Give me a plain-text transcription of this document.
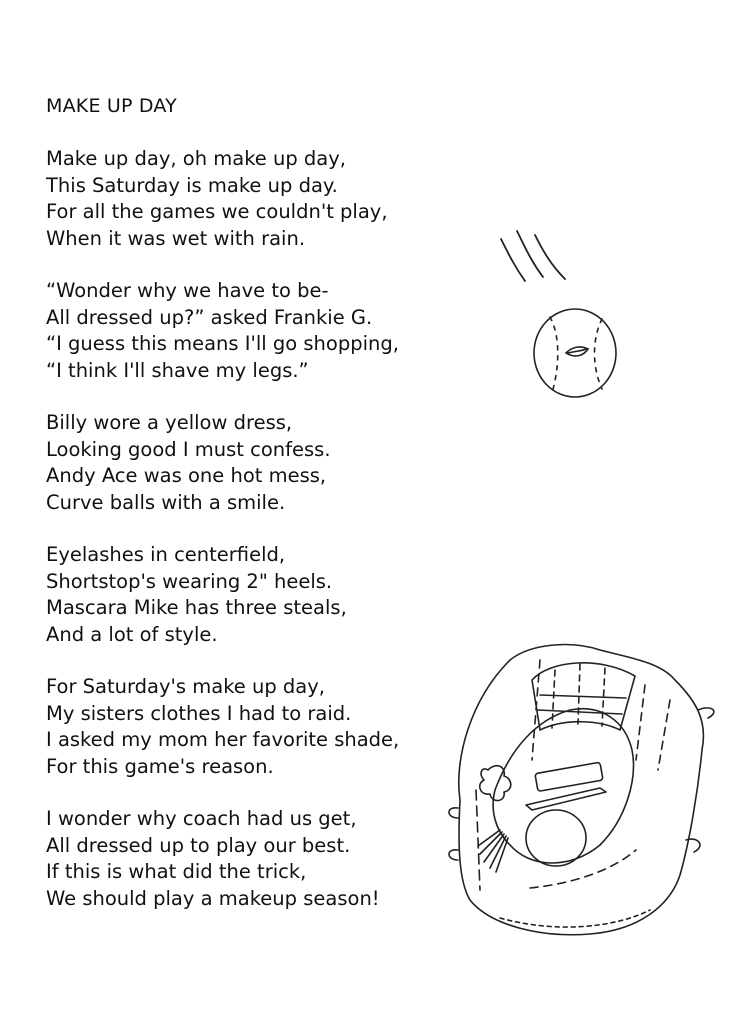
MAKE UP DAY
Make up day, oh make up day,
This Saturday is make up day.
For all the games we couldn't play,
When it was wet with rain.
“Wonder why we have to be-
All dressed up?” asked Frankie G.
“I guess this means I'll go shopping,
“I think I'll shave my legs.”
Billy wore a yellow dress,
Looking good I must confess.
Andy Ace was one hot mess,
Curve balls with a smile.
Eyelashes in centerfield,
Shortstop's wearing 2" heels.
Mascara Mike has three steals,
And a lot of style.
For Saturday's make up day,
My sisters clothes I had to raid.
I asked my mom her favorite shade,
For this game's reason.
I wonder why coach had us get,
All dressed up to play our best.
If this is what did the trick,
We should play a makeup season!
